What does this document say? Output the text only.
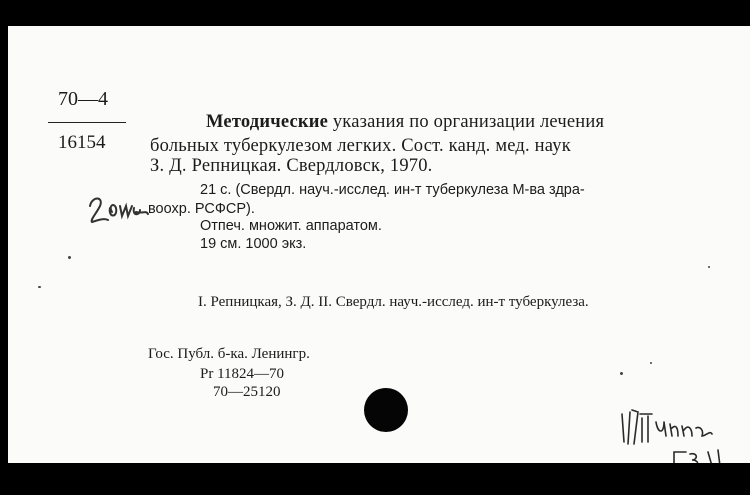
70—4
16154
Методические указания по организации лечения
больных туберкулезом легких. Сост. канд. мед. наук
З. Д. Репницкая. Свердловск, 1970.
21 с. (Свердл. науч.-исслед. ин-т туберкулеза М-ва здра-
воохр. РСФСР).
Отпеч. множит. аппаратом.
19 см. 1000 экз.
I. Репницкая, З. Д. II. Свердл. науч.-исслед. ин-т туберкулеза.
Гос. Публ. б-ка. Ленингр.
Pr 11824—70
70—25120
